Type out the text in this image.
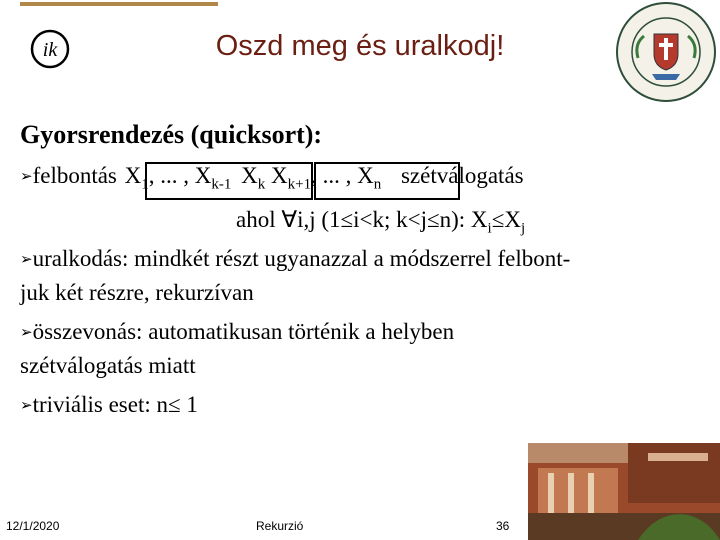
ik	Oszd meg és uralkodj!
Gyorsrendezés (quicksort):
➢felbontás $X_1$, ... , $X_{k-1}$ $X_k$ $X_{k+1}$, ... , $X_n$ szétválogatás
ahol ∀i,j (1≤i<k; k<j≤n): $X_i\le X_j$
➢uralkodás: mindkét részt ugyanazzal a módszerrel felbont-
juk két részre, rekurzívan
➢összevonás: automatikusan történik a helyben
szétválogatás miatt
➢triviális eset: n≤ 1
12/1/2020	Rekurzió	36
